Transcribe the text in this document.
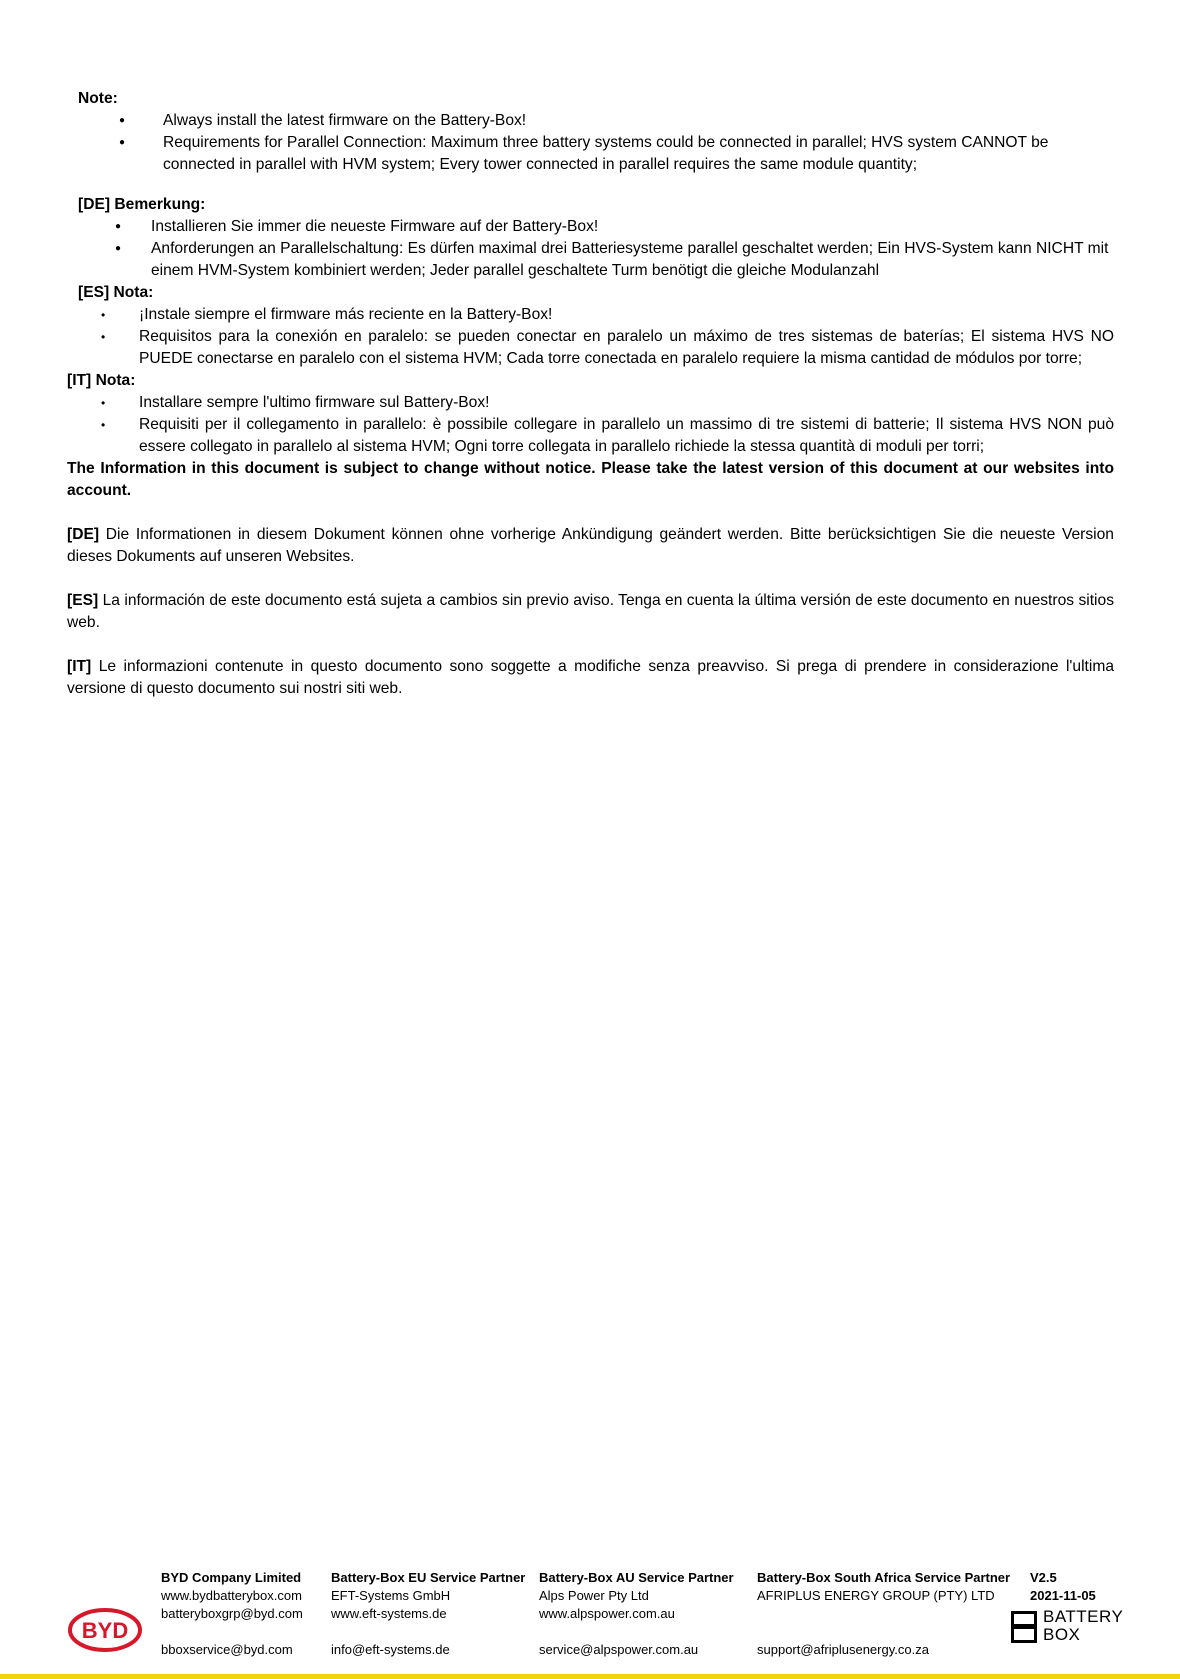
Note:

● Always install the latest firmware on the Battery-Box!
● Requirements for Parallel Connection: Maximum three battery systems could be connected in parallel; HVS system CANNOT be connected in parallel with HVM system; Every tower connected in parallel requires the same module quantity;

[DE] Bemerkung:

● Installieren Sie immer die neueste Firmware auf der Battery-Box!
● Anforderungen an Parallelschaltung: Es dürfen maximal drei Batteriesysteme parallel geschaltet werden; Ein HVS-System kann NICHT mit einem HVM-System kombiniert werden; Jeder parallel geschaltete Turm benötigt die gleiche Modulanzahl

[ES] Nota:

• ¡Instale siempre el firmware más reciente en la Battery-Box!
• Requisitos para la conexión en paralelo: se pueden conectar en paralelo un máximo de tres sistemas de baterías; El sistema HVS NO PUEDE conectarse en paralelo con el sistema HVM; Cada torre conectada en paralelo requiere la misma cantidad de módulos por torre;

[IT] Nota:

• Installare sempre l'ultimo firmware sul Battery-Box!
• Requisiti per il collegamento in parallelo: è possibile collegare in parallelo un massimo di tre sistemi di batterie; Il sistema HVS NON può essere collegato in parallelo al sistema HVM; Ogni torre collegata in parallelo richiede la stessa quantità di moduli per torri;

The Information in this document is subject to change without notice. Please take the latest version of this document at our websites into account.

[DE] Die Informationen in diesem Dokument können ohne vorherige Ankündigung geändert werden. Bitte berücksichtigen Sie die neueste Version dieses Dokuments auf unseren Websites.

[ES] La información de este documento está sujeta a cambios sin previo aviso. Tenga en cuenta la última versión de este documento en nuestros sitios web.

[IT] Le informazioni contenute in questo documento sono soggette a modifiche senza preavviso. Si prega di prendere in considerazione l'ultima versione di questo documento sui nostri siti web.

BYD
BYD Company Limited
www.bydbatterybox.com
batteryboxgrp@byd.com
bboxservice@byd.com
Battery-Box EU Service Partner
EFT-Systems GmbH
www.eft-systems.de
info@eft-systems.de
Battery-Box AU Service Partner
Alps Power Pty Ltd
www.alpspower.com.au
service@alpspower.com.au
Battery-Box South Africa Service Partner
AFRIPLUS ENERGY GROUP (PTY) LTD
support@afriplusenergy.co.za
V2.5
2021-11-05
BATTERY
BOX
